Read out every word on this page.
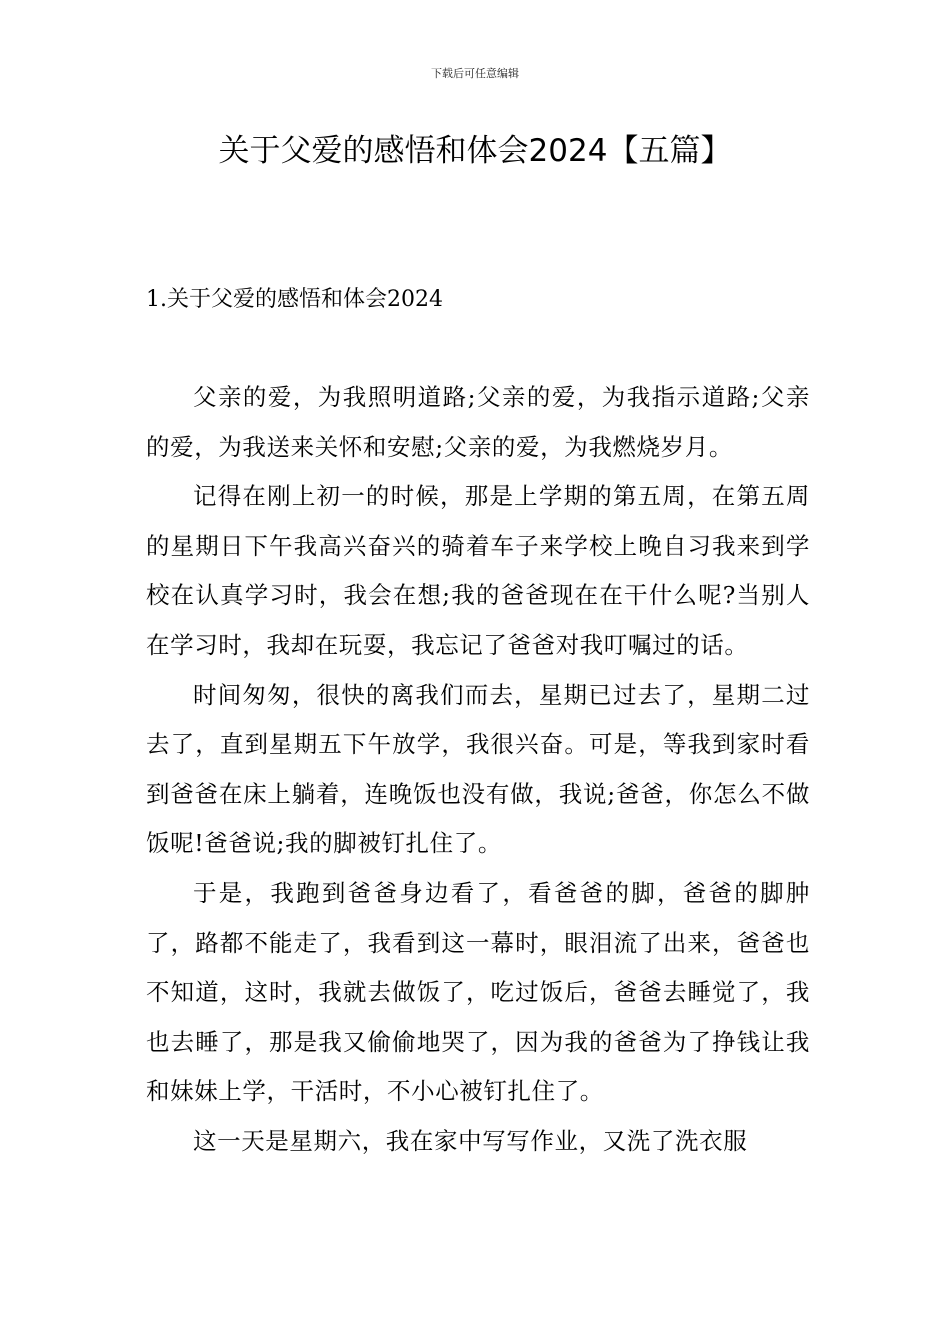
下载后可任意编辑
关于父爱的感悟和体会2024【五篇】
1.关于父爱的感悟和体会2024

父亲的爱，为我照明道路;父亲的爱，为我指示道路;父亲的爱，为我送来关怀和安慰;父亲的爱，为我燃烧岁月。

记得在刚上初一的时候，那是上学期的第五周，在第五周的星期日下午我高兴奋兴的骑着车子来学校上晚自习我来到学校在认真学习时，我会在想;我的爸爸现在在干什么呢?当别人在学习时，我却在玩耍，我忘记了爸爸对我叮嘱过的话。

时间匆匆，很快的离我们而去，星期已过去了，星期二过去了，直到星期五下午放学，我很兴奋。可是，等我到家时看到爸爸在床上躺着，连晚饭也没有做，我说;爸爸，你怎么不做饭呢!爸爸说;我的脚被钉扎住了。

于是，我跑到爸爸身边看了，看爸爸的脚，爸爸的脚肿了，路都不能走了，我看到这一幕时，眼泪流了出来，爸爸也不知道，这时，我就去做饭了，吃过饭后，爸爸去睡觉了，我也去睡了，那是我又偷偷地哭了，因为我的爸爸为了挣钱让我和妹妹上学，干活时，不小心被钉扎住了。

这一天是星期六，我在家中写写作业，又洗了洗衣服
